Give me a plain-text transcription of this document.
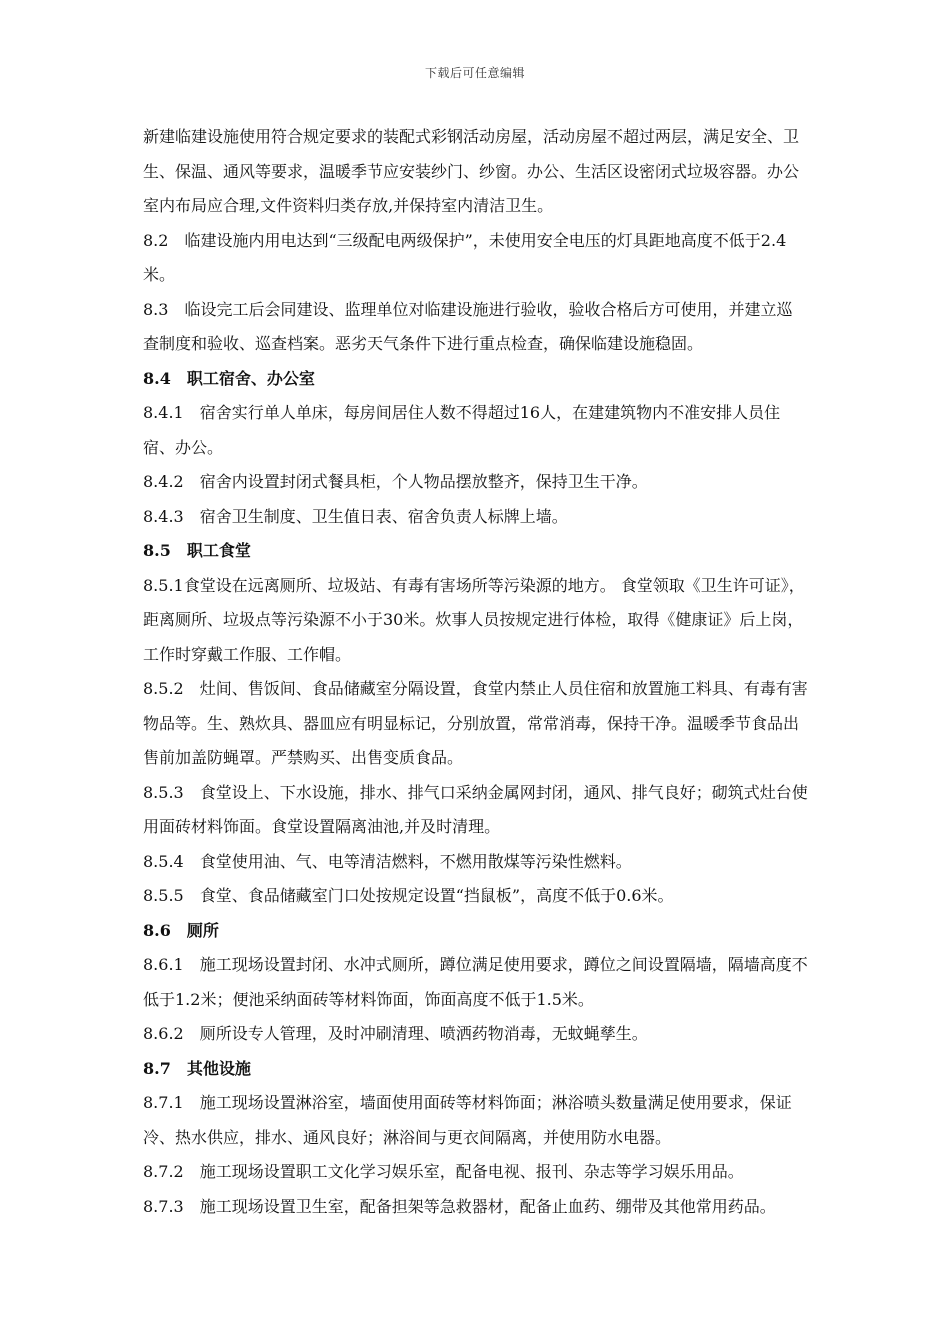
下载后可任意编辑

新建临建设施使用符合规定要求的装配式彩钢活动房屋，活动房屋不超过两层，满足安全、卫生、保温、通风等要求，温暖季节应安装纱门、纱窗。办公、生活区设密闭式垃圾容器。办公室内布局应合理,文件资料归类存放,并保持室内清洁卫生。

8.2　临建设施内用电达到“三级配电两级保护”，未使用安全电压的灯具距地高度不低于2.4米。

8.3　临设完工后会同建设、监理单位对临建设施进行验收，验收合格后方可使用，并建立巡查制度和验收、巡查档案。恶劣天气条件下进行重点检查，确保临建设施稳固。

8.4　职工宿舍、办公室

8.4.1　宿舍实行单人单床，每房间居住人数不得超过16人，在建建筑物内不准安排人员住宿、办公。

8.4.2　宿舍内设置封闭式餐具柜，个人物品摆放整齐，保持卫生干净。

8.4.3　宿舍卫生制度、卫生值日表、宿舍负责人标牌上墙。

8.5　职工食堂

8.5.1食堂设在远离厕所、垃圾站、有毒有害场所等污染源的地方。 食堂领取《卫生许可证》，距离厕所、垃圾点等污染源不小于30米。炊事人员按规定进行体检，取得《健康证》后上岗，工作时穿戴工作服、工作帽。

8.5.2　灶间、售饭间、食品储藏室分隔设置，食堂内禁止人员住宿和放置施工料具、有毒有害物品等。生、熟炊具、器皿应有明显标记，分别放置，常常消毒，保持干净。温暖季节食品出售前加盖防蝇罩。严禁购买、出售变质食品。

8.5.3　食堂设上、下水设施，排水、排气口采纳金属网封闭，通风、排气良好；砌筑式灶台使用面砖材料饰面。食堂设置隔离油池,并及时清理。

8.5.4　食堂使用油、气、电等清洁燃料，不燃用散煤等污染性燃料。

8.5.5　食堂、食品储藏室门口处按规定设置“挡鼠板”，高度不低于0.6米。

8.6　厕所

8.6.1　施工现场设置封闭、水冲式厕所，蹲位满足使用要求，蹲位之间设置隔墙，隔墙高度不低于1.2米；便池采纳面砖等材料饰面，饰面高度不低于1.5米。

8.6.2　厕所设专人管理，及时冲刷清理、喷洒药物消毒，无蚊蝇孳生。

8.7　其他设施

8.7.1　施工现场设置淋浴室，墙面使用面砖等材料饰面；淋浴喷头数量满足使用要求，保证冷、热水供应，排水、通风良好；淋浴间与更衣间隔离，并使用防水电器。

8.7.2　施工现场设置职工文化学习娱乐室，配备电视、报刊、杂志等学习娱乐用品。

8.7.3　施工现场设置卫生室，配备担架等急救器材，配备止血药、绷带及其他常用药品。
